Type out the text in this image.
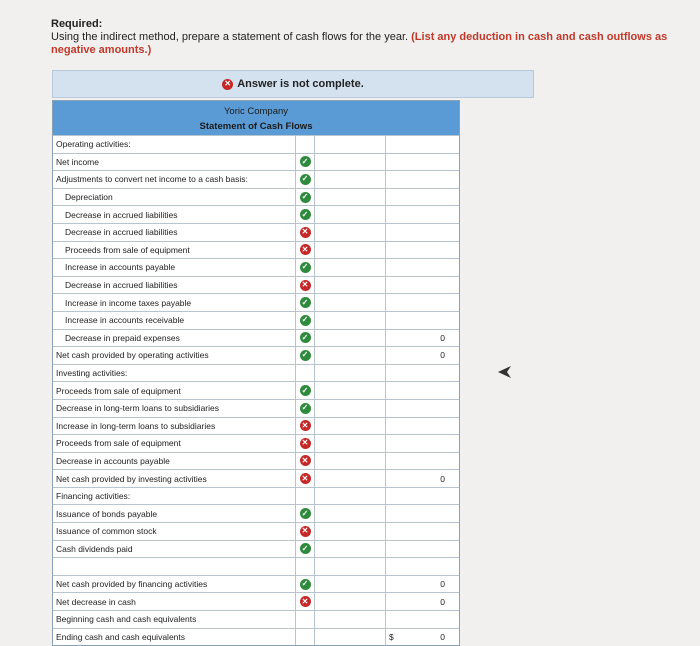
Required:
Using the indirect method, prepare a statement of cash flows for the year. (List any deduction in cash and cash outflows as negative amounts.)
✕ Answer is not complete.
Yoric Company
Statement of Cash Flows
Operating activities:
Net income	✓
Adjustments to convert net income to a cash basis:	✓
Depreciation	✓
Decrease in accrued liabilities	✓
Decrease in accrued liabilities	✕
Proceeds from sale of equipment	✕
Increase in accounts payable	✓
Decrease in accrued liabilities	✕
Increase in income taxes payable	✓
Increase in accounts receivable	✓
Decrease in prepaid expenses	✓	0
Net cash provided by operating activities	✓	0
Investing activities:
Proceeds from sale of equipment	✓
Decrease in long-term loans to subsidiaries	✓
Increase in long-term loans to subsidiaries	✕
Proceeds from sale of equipment	✕
Decrease in accounts payable	✕
Net cash provided by investing activities	✕	0
Financing activities:
Issuance of bonds payable	✓
Issuance of common stock	✕
Cash dividends paid	✓
Net cash provided by financing activities	✓	0
Net decrease in cash	✕	0
Beginning cash and cash equivalents
Ending cash and cash equivalents	$	0
